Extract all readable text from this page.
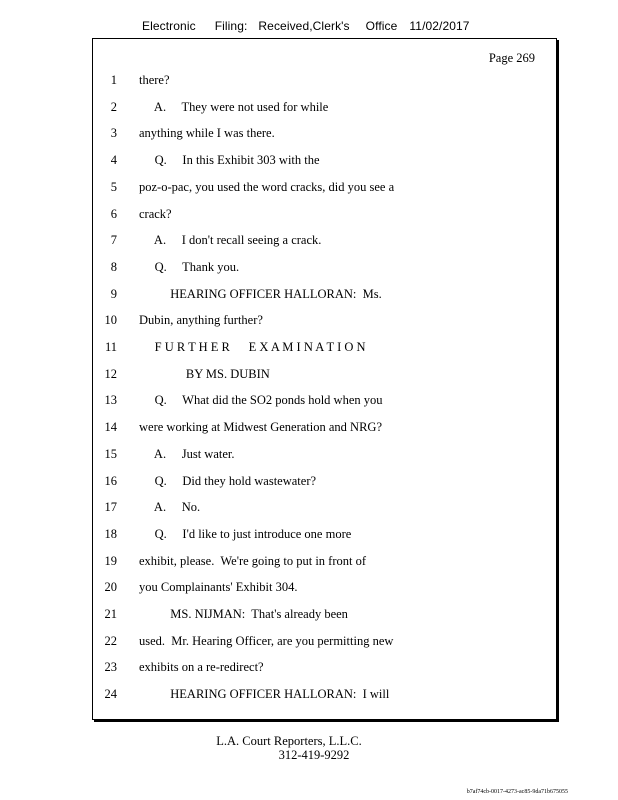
Electronic Filing: Received,Clerk's Office 11/02/2017
Page 269
1 there?
2 A.     They were not used for while
3 anything while I was there.
4 Q.     In this Exhibit 303 with the
5 poz-o-pac, you used the word cracks, did you see a
6 crack?
7 A.     I don't recall seeing a crack.
8 Q.     Thank you.
9 HEARING OFFICER HALLORAN:  Ms.
10 Dubin, anything further?
11 F U R T H E R      E X A M I N A T I O N
12 BY MS. DUBIN
13 Q.     What did the SO2 ponds hold when you
14 were working at Midwest Generation and NRG?
15 A.     Just water.
16 Q.     Did they hold wastewater?
17 A.     No.
18 Q.     I'd like to just introduce one more
19 exhibit, please.  We're going to put in front of
20 you Complainants' Exhibit 304.
21 MS. NIJMAN:  That's already been
22 used.  Mr. Hearing Officer, are you permitting new
23 exhibits on a re-redirect?
24 HEARING OFFICER HALLORAN:  I will
L.A. Court Reporters, L.L.C.
312-419-9292
b7af74cb-0017-4273-ac85-9da71b675055
